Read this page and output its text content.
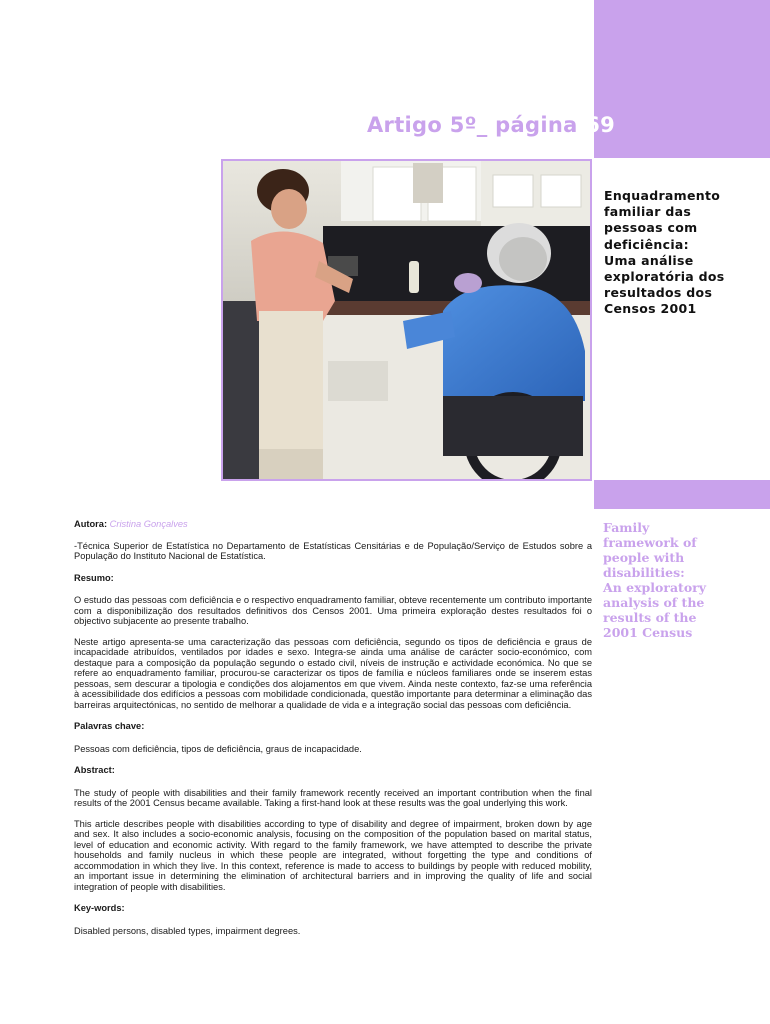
Artigo 5º_ página 69
Enquadramento
familiar das
pessoas com
deficiência:
Uma análise
exploratória dos
resultados dos
Censos 2001
Family
framework of
people with
disabilities:
An exploratory
analysis of the
results of the
2001 Census

Autora: Cristina Gonçalves

-Técnica Superior de Estatística no Departamento de Estatísticas Censitárias e de População/Serviço de Estudos sobre a População do Instituto Nacional de Estatística.

Resumo:

O estudo das pessoas com deficiência e o respectivo enquadramento familiar, obteve recentemente um contributo importante com a disponibilização dos resultados definitivos dos Censos 2001. Uma primeira exploração destes resultados foi o objectivo subjacente ao presente trabalho.

Neste artigo apresenta-se uma caracterização das pessoas com deficiência, segundo os tipos de deficiência e graus de incapacidade atribuídos, ventilados por idades e sexo. Integra-se ainda uma análise de carácter socio-económico, com destaque para a composição da população segundo o estado civil, níveis de instrução e actividade económica. No que se refere ao enquadramento familiar, procurou-se caracterizar os tipos de família e núcleos familiares onde se inserem estas pessoas, sem descurar a tipologia e condições dos alojamentos em que vivem. Ainda neste contexto, faz-se uma referência à acessibilidade dos edifícios a pessoas com mobilidade condicionada, questão importante para determinar a eliminação das barreiras arquitectónicas, no sentido de melhorar a qualidade de vida e a integração social das pessoas com deficiência.

Palavras chave:

Pessoas com deficiência, tipos de deficiência, graus de incapacidade.

Abstract:

The study of people with disabilities and their family framework recently received an important contribution when the final results of the 2001 Census became available. Taking a first-hand look at these results was the goal underlying this work.

This article describes people with disabilities according to type of disability and degree of impairment, broken down by age and sex. It also includes a socio-economic analysis, focusing on the composition of the population based on marital status, level of education and economic activity. With regard to the family framework, we have attempted to describe the private households and family nucleus in which these people are integrated, without forgetting the type and conditions of accommodation in which they live. In this context, reference is made to access to buildings by people with reduced mobility, an important issue in determining the elimination of architectural barriers and in improving the quality of life and social integration of people with disabilities.

Key-words:

Disabled persons, disabled types, impairment degrees.
